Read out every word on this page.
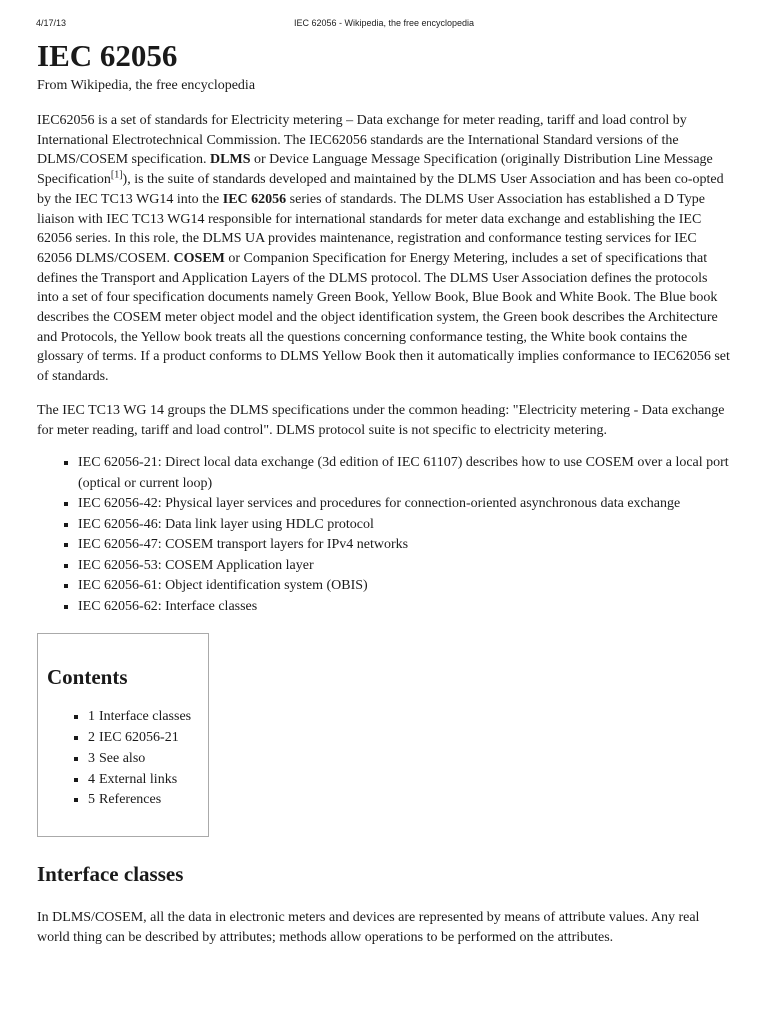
4/17/13	IEC 62056 - Wikipedia, the free encyclopedia
IEC 62056
From Wikipedia, the free encyclopedia

IEC62056 is a set of standards for Electricity metering – Data exchange for meter reading, tariff and load control by International Electrotechnical Commission. The IEC62056 standards are the International Standard versions of the DLMS/COSEM specification. DLMS or Device Language Message Specification (originally Distribution Line Message Specification[1]), is the suite of standards developed and maintained by the DLMS User Association and has been co-opted by the IEC TC13 WG14 into the IEC 62056 series of standards. The DLMS User Association has established a D Type liaison with IEC TC13 WG14 responsible for international standards for meter data exchange and establishing the IEC 62056 series. In this role, the DLMS UA provides maintenance, registration and conformance testing services for IEC 62056 DLMS/COSEM. COSEM or Companion Specification for Energy Metering, includes a set of specifications that defines the Transport and Application Layers of the DLMS protocol. The DLMS User Association defines the protocols into a set of four specification documents namely Green Book, Yellow Book, Blue Book and White Book. The Blue book describes the COSEM meter object model and the object identification system, the Green book describes the Architecture and Protocols, the Yellow book treats all the questions concerning conformance testing, the White book contains the glossary of terms. If a product conforms to DLMS Yellow Book then it automatically implies conformance to IEC62056 set of standards.

The IEC TC13 WG 14 groups the DLMS specifications under the common heading: "Electricity metering - Data exchange for meter reading, tariff and load control". DLMS protocol suite is not specific to electricity metering.

▪ IEC 62056-21: Direct local data exchange (3d edition of IEC 61107) describes how to use COSEM over a local port (optical or current loop)
▪ IEC 62056-42: Physical layer services and procedures for connection-oriented asynchronous data exchange
▪ IEC 62056-46: Data link layer using HDLC protocol
▪ IEC 62056-47: COSEM transport layers for IPv4 networks
▪ IEC 62056-53: COSEM Application layer
▪ IEC 62056-61: Object identification system (OBIS)
▪ IEC 62056-62: Interface classes
Contents
▪ 1 Interface classes
▪ 2 IEC 62056-21
▪ 3 See also
▪ 4 External links
▪ 5 References
Interface classes

In DLMS/COSEM, all the data in electronic meters and devices are represented by means of attribute values. Any real world thing can be described by attributes; methods allow operations to be performed on the attributes.
